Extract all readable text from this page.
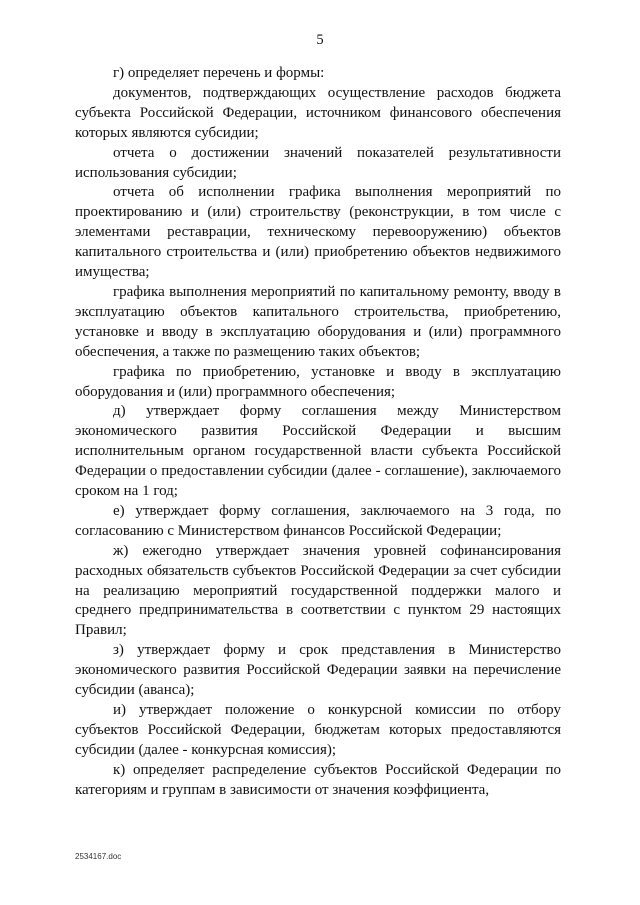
5

г) определяет перечень и формы:

документов, подтверждающих осуществление расходов бюджета субъекта Российской Федерации, источником финансового обеспечения которых являются субсидии;

отчета о достижении значений показателей результативности использования субсидии;

отчета об исполнении графика выполнения мероприятий по проектированию и (или) строительству (реконструкции, в том числе с элементами реставрации, техническому перевооружению) объектов капитального строительства и (или) приобретению объектов недвижимого имущества;

графика выполнения мероприятий по капитальному ремонту, вводу в эксплуатацию объектов капитального строительства, приобретению, установке и вводу в эксплуатацию оборудования и (или) программного обеспечения, а также по размещению таких объектов;

графика по приобретению, установке и вводу в эксплуатацию оборудования и (или) программного обеспечения;

д) утверждает форму соглашения между Министерством экономического развития Российской Федерации и высшим исполнительным органом государственной власти субъекта Российской Федерации о предоставлении субсидии (далее - соглашение), заключаемого сроком на 1 год;

е) утверждает форму соглашения, заключаемого на 3 года, по согласованию с Министерством финансов Российской Федерации;

ж) ежегодно утверждает значения уровней софинансирования расходных обязательств субъектов Российской Федерации за счет субсидии на реализацию мероприятий государственной поддержки малого и среднего предпринимательства в соответствии с пунктом 29 настоящих Правил;

з) утверждает форму и срок представления в Министерство экономического развития Российской Федерации заявки на перечисление субсидии (аванса);

и) утверждает положение о конкурсной комиссии по отбору субъектов Российской Федерации, бюджетам которых предоставляются субсидии (далее - конкурсная комиссия);

к) определяет распределение субъектов Российской Федерации по категориям и группам в зависимости от значения коэффициента,

2534167.doc
